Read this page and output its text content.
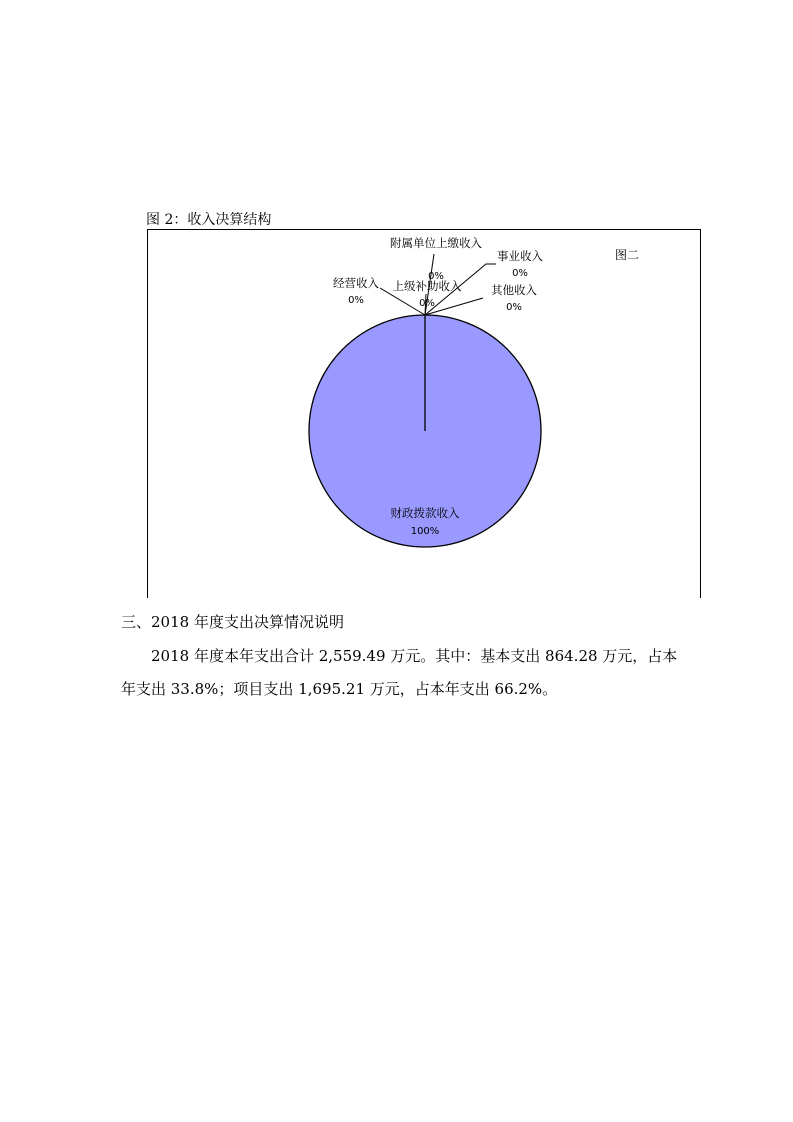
图 2：收入决算结构
图二
财政拨款收入
100%
上级补助收入
0%
附属单位上缴收入
0%
事业收入
0%
其他收入
0%
经营收入
0%
三、2018 年度支出决算情况说明
2018 年度本年支出合计 2,559.49 万元。其中：基本支出 864.28 万元，占本年支出 33.8%；项目支出 1,695.21 万元，占本年支出 66.2%。
